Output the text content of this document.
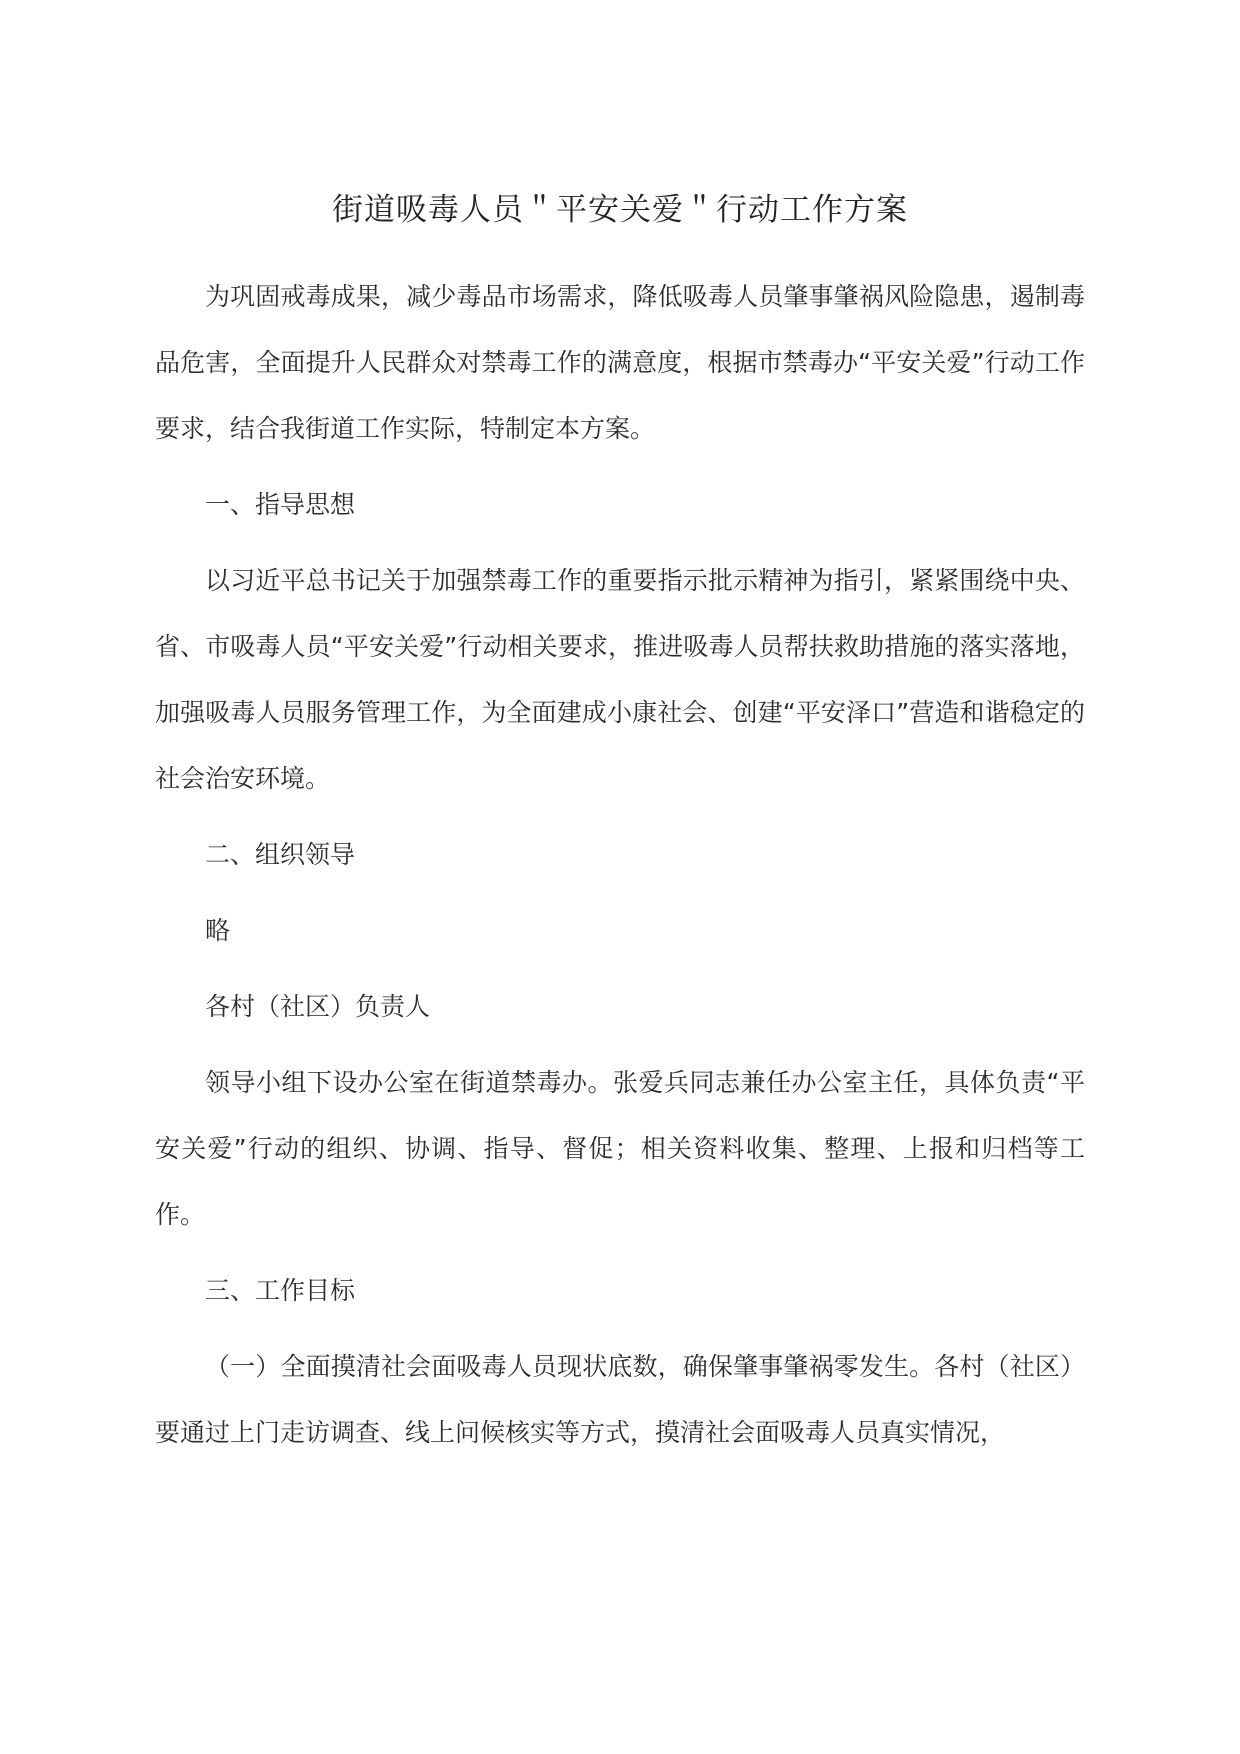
街道吸毒人员＂平安关爱＂行动工作方案

为巩固戒毒成果，减少毒品市场需求，降低吸毒人员肇事肇祸风险隐患，遏制毒品危害，全面提升人民群众对禁毒工作的满意度，根据市禁毒办“平安关爱”行动工作要求，结合我街道工作实际，特制定本方案。

一、指导思想

以习近平总书记关于加强禁毒工作的重要指示批示精神为指引，紧紧围绕中央、省、市吸毒人员“平安关爱”行动相关要求，推进吸毒人员帮扶救助措施的落实落地，加强吸毒人员服务管理工作，为全面建成小康社会、创建“平安泽口”营造和谐稳定的社会治安环境。

二、组织领导

略

各村（社区）负责人

领导小组下设办公室在街道禁毒办。张爱兵同志兼任办公室主任，具体负责“平安关爱”行动的组织、协调、指导、督促；相关资料收集、整理、上报和归档等工作。

三、工作目标

（一）全面摸清社会面吸毒人员现状底数，确保肇事肇祸零发生。各村（社区）要通过上门走访调查、线上问候核实等方式，摸清社会面吸毒人员真实情况，
